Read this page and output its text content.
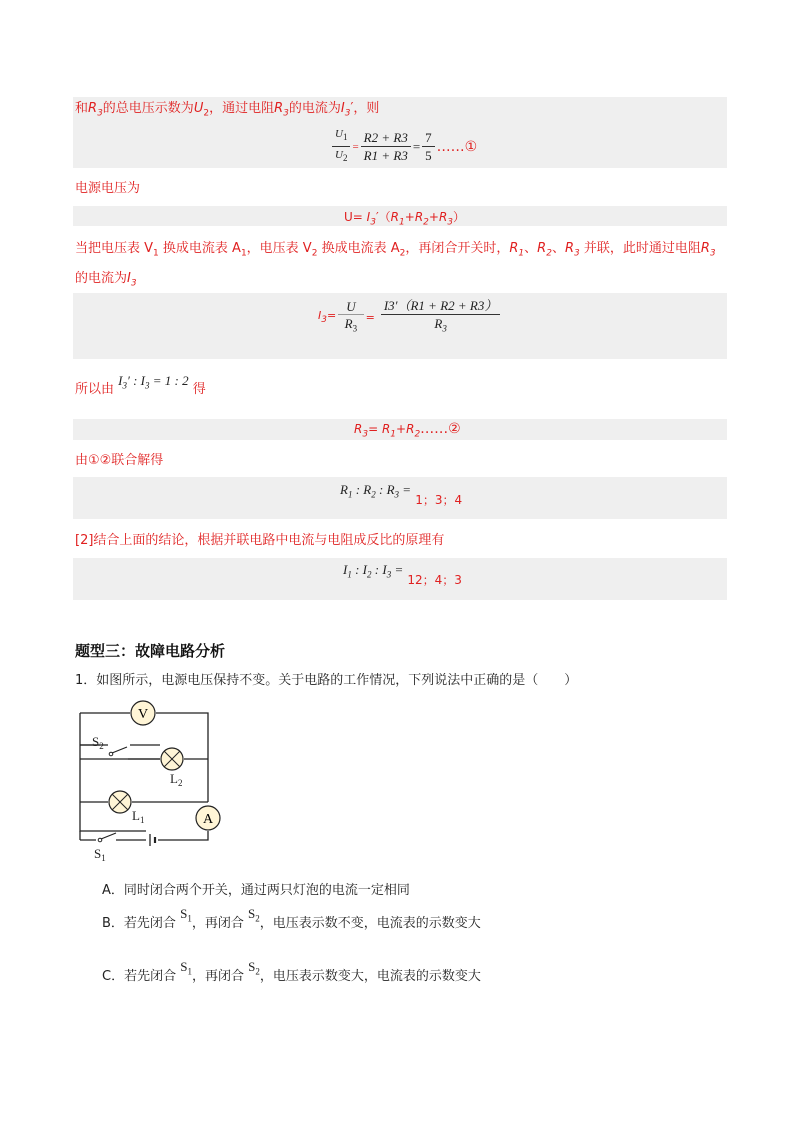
和$R_3$的总电压示数为$U_2$，通过电阻$R_3$的电流为$I_3'$，则
$\frac{U_1}{U_2} = \frac{R2 + R3}{R1 + R3} = \frac{7}{5}$ ……①
电源电压为
$U= I_3'(R_1+R_2+R_3)$
当把电压表 $V_1$ 换成电流表 $A_1$，电压表 $V_2$ 换成电流表 $A_2$，再闭合开关时，$R_1$、$R_2$、$R_3$ 并联，此时通过电阻$R_3$
的电流为$I_3$
$I_3= \frac{U}{R_3} = \frac{I3'(R1 + R2 + R3)}{R_3}$
所以由 $I_3'$ : $I_3 = 1$ : 2 得
$R_3=$ $R_1+R_2\dots\dots ②$
由①②联合解得
$R_1$ : $R_2$ : $R_3 = 1$；3；4
[2]结合上面的结论，根据并联电路中电流与电阻成反比的原理有
$I_1$ : $I_2$ : $I_3 = 12$；4；3
题型三：故障电路分析
1．如图所示，电源电压保持不变。关于电路的工作情况，下列说法中正确的是（　　）
V
A
$S_2$
$L_2$
$L_1$
$S_1$
A．同时闭合两个开关，通过两只灯泡的电流一定相同
B．若先闭合 $S_1$，再闭合 $S_2$，电压表示数不变，电流表的示数变大
C．若先闭合 $S_1$，再闭合 $S_2$，电压表示数变大，电流表的示数变大
